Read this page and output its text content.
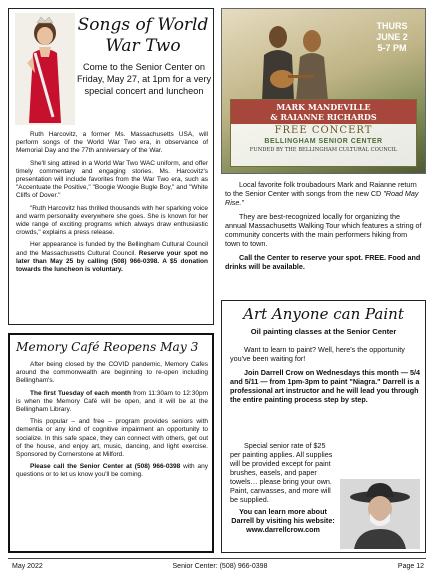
Songs of World War Two
Come to the Senior Center on Friday, May 27, at 1pm for a very special concert and luncheon

Ruth Harcovitz, a former Ms. Massachusetts USA, will perform songs of the World War Two era, in observance of Memorial Day and the 77th anniversary of the War.

She'll sing attired in a World War Two WAC uniform, and offer timely commentary and engaging stories. Ms. Harcovitz's presentation will include favorites from the War Two era, such as "Accentuate the Positive," "Boogie Woogie Bugle Boy," and "White Cliffs of Dover."

"Ruth Harcovitz has thrilled thousands with her sparking voice and warm personality everywhere she goes. She is known for her wide range of exciting programs which always draw enthusiastic crowds," explains a press release.

Her appearance is funded by the Bellingham Cultural Council and the Massachusetts Cultural Council. Reserve your spot no later than May 25 by calling (508) 966-0398. A $5 donation towards the luncheon is voluntary.

THURS
JUNE 2
5-7 PM
MARK MANDEVILLE
& RAIANNE RICHARDS
FREE CONCERT
BELLINGHAM SENIOR CENTER
FUNDED BY THE BELLINGHAM CULTURAL COUNCIL

Local favorite folk troubadours Mark and Raianne return to the Senior Center with songs from the new CD "Road May Rise."

They are best-recognized locally for organizing the annual Massachusetts Walking Tour which features a string of community concerts with the main performers hiking from town to town.

Call the Center to reserve your spot. FREE. Food and drinks will be available.

Memory Café Reopens May 3

After being closed by the COVID pandemic, Memory Cafes around the commonwealth are beginning to re-open including Bellingham's.

The first Tuesday of each month from 11:30am to 12:30pm is when the Memory Café will be open, and it will be at the Bellingham Library.

This popular – and free – program provides seniors with dementia or any kind of cognitive impairment an opportunity to socialize. In this safe space, they can connect with others, get out of the house, and enjoy art, music, dancing, and light exercise. Sponsored by Cornerstone at Milford.

Please call the Senior Center at (508) 966-0398 with any questions or to let us know you'll be coming.

Art Anyone can Paint
Oil painting classes at the Senior Center

Want to learn to paint? Well, here's the opportunity you've been waiting for!

Join Darrell Crow on Wednesdays this month — 5/4 and 5/11 — from 1pm-3pm to paint "Niagra." Darrell is a professional art instructor and he will lead you through the entire painting process step by step.

Special senior rate of $25 per painting applies. All supplies will be provided except for paint brushes, easels, and paper towels… please bring your own. Paint, canvasses, and more will be supplied.
You can learn more about Darrell by visiting his website: www.darrellcrow.com
May 2022	Senior Center: (508) 966-0398	Page 12
